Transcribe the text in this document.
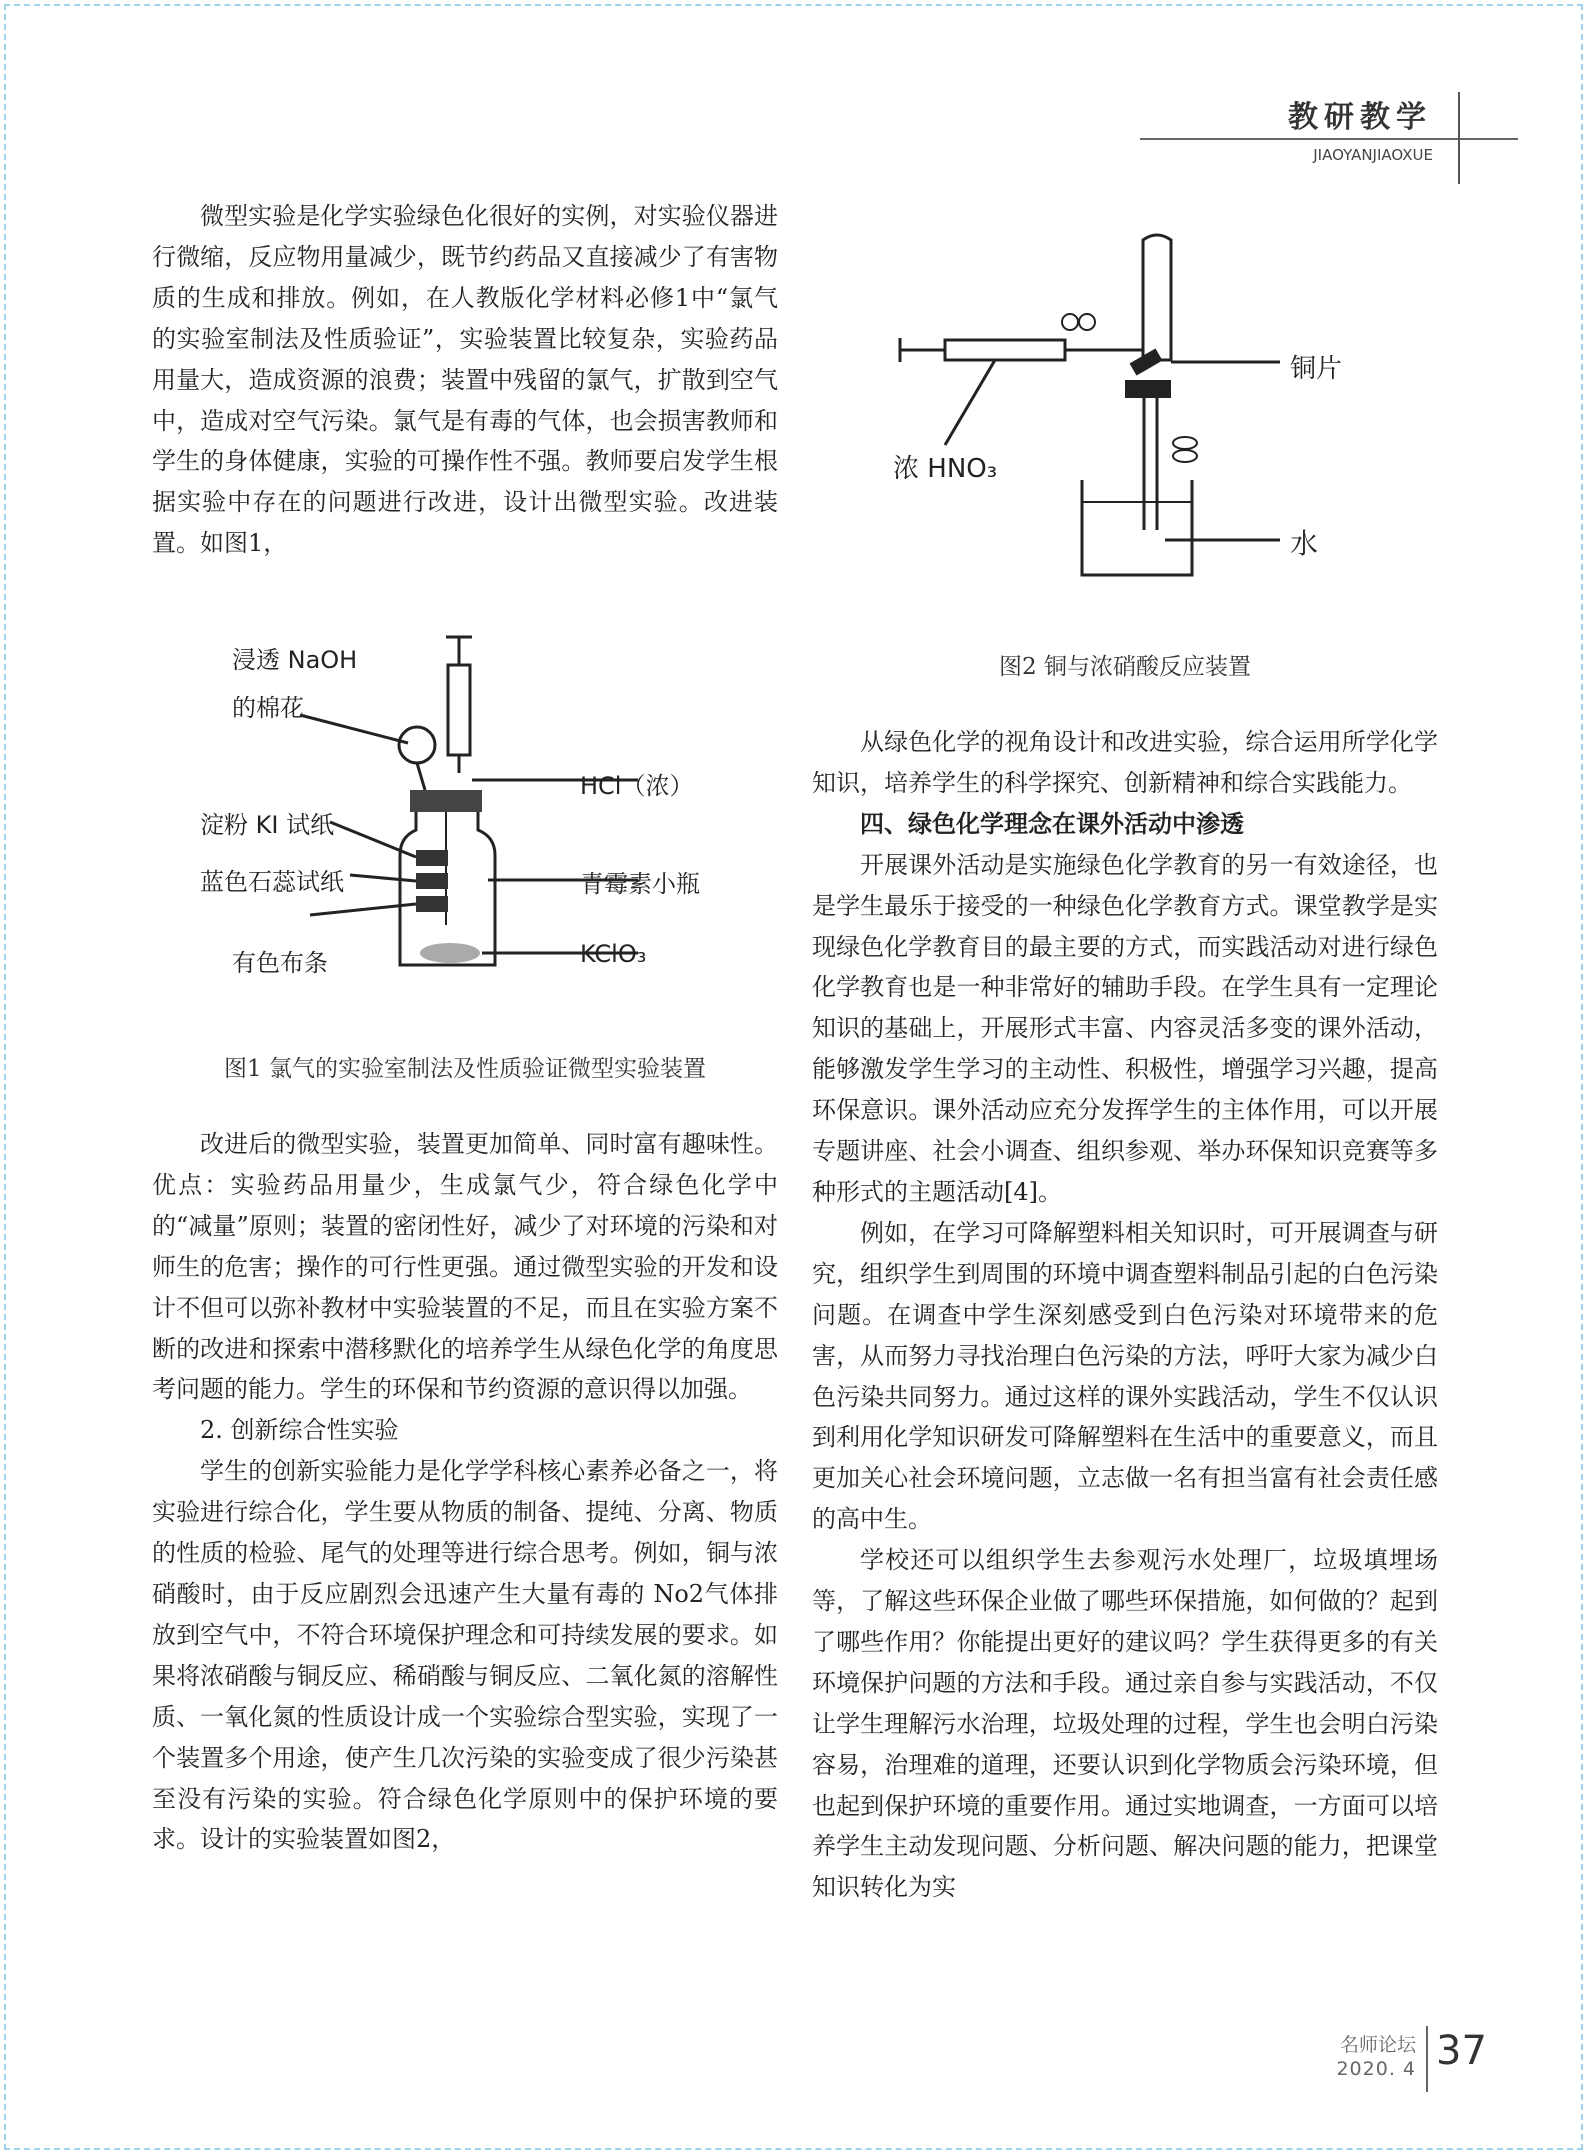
教研教学
JIAOYANJIAOXUE

微型实验是化学实验绿色化很好的实例，对实验仪器进行微缩，反应物用量减少，既节约药品又直接减少了有害物质的生成和排放。例如，在人教版化学材料必修1中“氯气的实验室制法及性质验证”，实验装置比较复杂，实验药品用量大，造成资源的浪费；装置中残留的氯气，扩散到空气中，造成对空气污染。氯气是有毒的气体，也会损害教师和学生的身体健康，实验的可操作性不强。教师要启发学生根据实验中存在的问题进行改进，设计出微型实验。改进装置。如图1，

浸透 NaOH
的棉花
HCl（浓）
淀粉 KI 试纸
蓝色石蕊试纸	青霉素小瓶
有色布条	KClO₃
图1 氯气的实验室制法及性质验证微型实验装置

改进后的微型实验，装置更加简单、同时富有趣味性。优点：实验药品用量少，生成氯气少，符合绿色化学中的“减量”原则；装置的密闭性好，减少了对环境的污染和对师生的危害；操作的可行性更强。通过微型实验的开发和设计不但可以弥补教材中实验装置的不足，而且在实验方案不断的改进和探索中潜移默化的培养学生从绿色化学的角度思考问题的能力。学生的环保和节约资源的意识得以加强。

2. 创新综合性实验

学生的创新实验能力是化学学科核心素养必备之一，将实验进行综合化，学生要从物质的制备、提纯、分离、物质的性质的检验、尾气的处理等进行综合思考。例如，铜与浓硝酸时，由于反应剧烈会迅速产生大量有毒的 No2气体排放到空气中，不符合环境保护理念和可持续发展的要求。如果将浓硝酸与铜反应、稀硝酸与铜反应、二氧化氮的溶解性质、一氧化氮的性质设计成一个实验综合型实验，实现了一个装置多个用途，使产生几次污染的实验变成了很少污染甚至没有污染的实验。符合绿色化学原则中的保护环境的要求。设计的实验装置如图2，

铜片
浓 HNO₃
水
图2 铜与浓硝酸反应装置

从绿色化学的视角设计和改进实验，综合运用所学化学知识，培养学生的科学探究、创新精神和综合实践能力。

四、绿色化学理念在课外活动中渗透

开展课外活动是实施绿色化学教育的另一有效途径，也是学生最乐于接受的一种绿色化学教育方式。课堂教学是实现绿色化学教育目的最主要的方式，而实践活动对进行绿色化学教育也是一种非常好的辅助手段。在学生具有一定理论知识的基础上，开展形式丰富、内容灵活多变的课外活动，能够激发学生学习的主动性、积极性，增强学习兴趣，提高环保意识。课外活动应充分发挥学生的主体作用，可以开展专题讲座、社会小调查、组织参观、举办环保知识竞赛等多种形式的主题活动[4]。

例如，在学习可降解塑料相关知识时，可开展调查与研究，组织学生到周围的环境中调查塑料制品引起的白色污染问题。在调查中学生深刻感受到白色污染对环境带来的危害，从而努力寻找治理白色污染的方法，呼吁大家为减少白色污染共同努力。通过这样的课外实践活动，学生不仅认识到利用化学知识研发可降解塑料在生活中的重要意义，而且更加关心社会环境问题，立志做一名有担当富有社会责任感的高中生。

学校还可以组织学生去参观污水处理厂，垃圾填埋场等，了解这些环保企业做了哪些环保措施，如何做的？起到了哪些作用？你能提出更好的建议吗？学生获得更多的有关环境保护问题的方法和手段。通过亲自参与实践活动，不仅让学生理解污水治理，垃圾处理的过程，学生也会明白污染容易，治理难的道理，还要认识到化学物质会污染环境，但也起到保护环境的重要作用。通过实地调查，一方面可以培养学生主动发现问题、分析问题、解决问题的能力，把课堂知识转化为实

名师论坛
2020. 4 37
